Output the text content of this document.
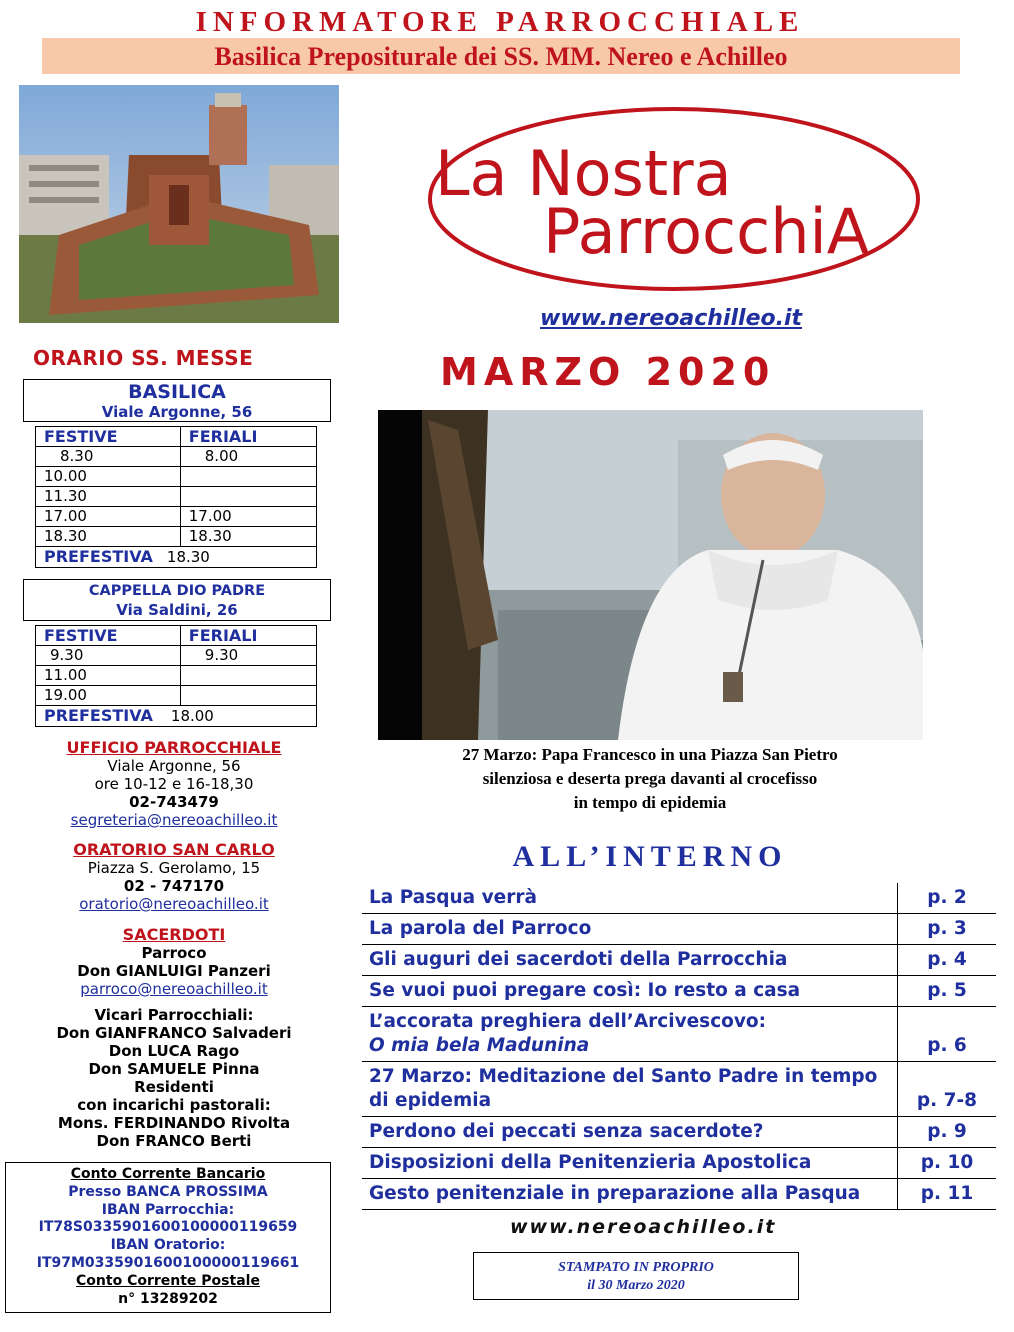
INFORMATORE PARROCCHIALE
Basilica Prepositurale dei SS. MM. Nereo e Achilleo
La Nostra
ParrocchiA
www.nereoachilleo.it
MARZO 2020
27 Marzo: Papa Francesco in una Piazza San Pietro
silenziosa e deserta prega davanti al crocefisso
in tempo di epidemia
ALL’INTERNO
La Pasqua verrà	p. 2
La parola del Parroco	p. 3
Gli auguri dei sacerdoti della Parrocchia	p. 4
Se vuoi puoi pregare così: Io resto a casa	p. 5
L’accorata preghiera dell’Arcivescovo:
O mia bela Madunina	p. 6
27 Marzo: Meditazione del Santo Padre in tempo
di epidemia	p. 7-8
Perdono dei peccati senza sacerdote?	p. 9
Disposizioni della Penitenzieria Apostolica	p. 10
Gesto penitenziale in preparazione alla Pasqua	p. 11
www.nereoachilleo.it
STAMPATO IN PROPRIO
il 30 Marzo 2020
ORARIO SS. MESSE
BASILICA
Viale Argonne, 56
FESTIVE	FERIALI
8.30	8.00
10.00	
11.30	
17.00	17.00
18.30	18.30
PREFESTIVA 18.30	
CAPPELLA DIO PADRE
Via Saldini, 26
FESTIVE	FERIALI
9.30	9.30
11.00	
19.00	
PREFESTIVA 18.00	
UFFICIO PARROCCHIALE
Viale Argonne, 56
ore 10-12 e 16-18,30
02-743479
segreteria@nereoachilleo.it
ORATORIO SAN CARLO
Piazza S. Gerolamo, 15
02 - 747170
oratorio@nereoachilleo.it
SACERDOTI
Parroco
Don GIANLUIGI Panzeri
parroco@nereoachilleo.it
Vicari Parrocchiali:
Don GIANFRANCO Salvaderi
Don LUCA Rago
Don SAMUELE Pinna
Residenti
con incarichi pastorali:
Mons. FERDINANDO Rivolta
Don FRANCO Berti
Conto Corrente Bancario
Presso BANCA PROSSIMA
IBAN Parrocchia:
IT78S0335901600100000119659
IBAN Oratorio:
IT97M0335901600100000119661
Conto Corrente Postale
n° 13289202
